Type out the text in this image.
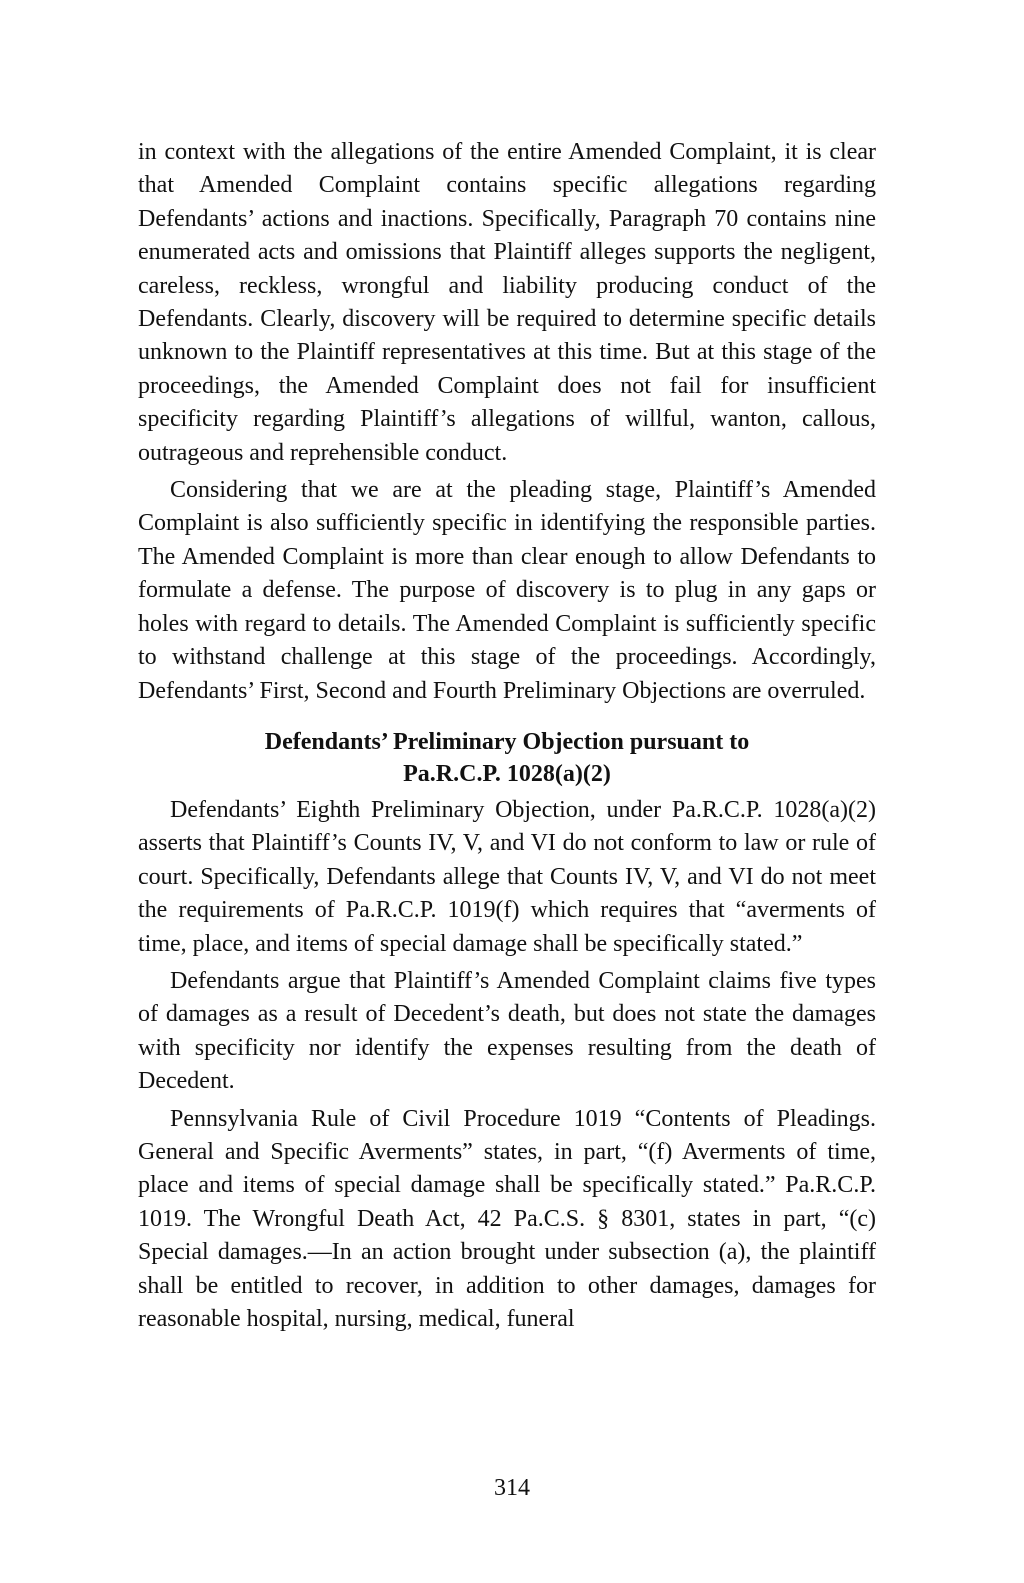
in context with the allegations of the entire Amended Complaint, it is clear that Amended Complaint contains specific allegations regarding Defendants’ actions and inactions. Specifically, Paragraph 70 contains nine enumerated acts and omissions that Plaintiff alleges supports the negligent, careless, reckless, wrongful and liability producing conduct of the Defendants. Clearly, discovery will be required to determine specific details unknown to the Plaintiff representatives at this time. But at this stage of the proceedings, the Amended Complaint does not fail for insufficient specificity regarding Plaintiff’s allegations of willful, wanton, callous, outrageous and reprehensible conduct.

Considering that we are at the pleading stage, Plaintiff’s Amended Complaint is also sufficiently specific in identifying the responsible parties. The Amended Complaint is more than clear enough to allow Defendants to formulate a defense. The purpose of discovery is to plug in any gaps or holes with regard to details. The Amended Complaint is sufficiently specific to withstand challenge at this stage of the proceedings. Accordingly, Defendants’ First, Second and Fourth Preliminary Objections are overruled.

Defendants’ Preliminary Objection pursuant to
Pa.R.C.P. 1028(a)(2)

Defendants’ Eighth Preliminary Objection, under Pa.R.C.P. 1028(a)(2) asserts that Plaintiff’s Counts IV, V, and VI do not conform to law or rule of court. Specifically, Defendants allege that Counts IV, V, and VI do not meet the requirements of Pa.R.C.P. 1019(f) which requires that “averments of time, place, and items of special damage shall be specifically stated.”

Defendants argue that Plaintiff’s Amended Complaint claims five types of damages as a result of Decedent’s death, but does not state the damages with specificity nor identify the expenses resulting from the death of Decedent.

Pennsylvania Rule of Civil Procedure 1019 “Contents of Pleadings. General and Specific Averments” states, in part, “(f) Averments of time, place and items of special damage shall be specifically stated.” Pa.R.C.P. 1019. The Wrongful Death Act, 42 Pa.C.S. § 8301, states in part, “(c) Special damages.—In an action brought under subsection (a), the plaintiff shall be entitled to recover, in addition to other damages, damages for reasonable hospital, nursing, medical, funeral

314
